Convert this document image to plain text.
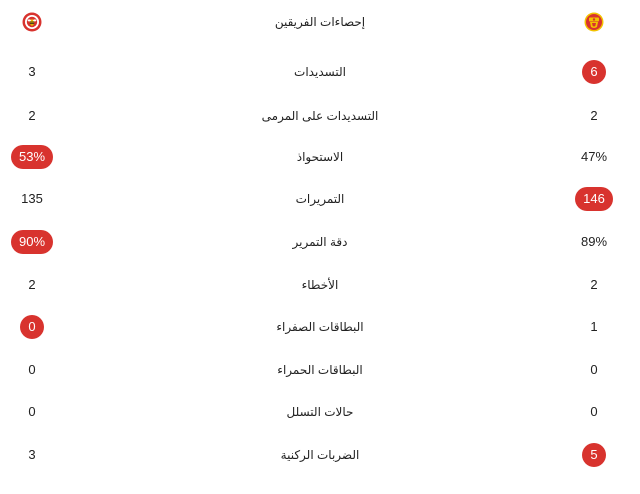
إحصاءات الفريقين
3	التسديدات	6
2	التسديدات على المرمى	2
53%	الاستحواذ	47%
135	التمريرات	146
90%	دقة التمرير	89%
2	الأخطاء	2
0	البطاقات الصفراء	1
0	البطاقات الحمراء	0
0	حالات التسلل	0
3	الضربات الركنية	5
